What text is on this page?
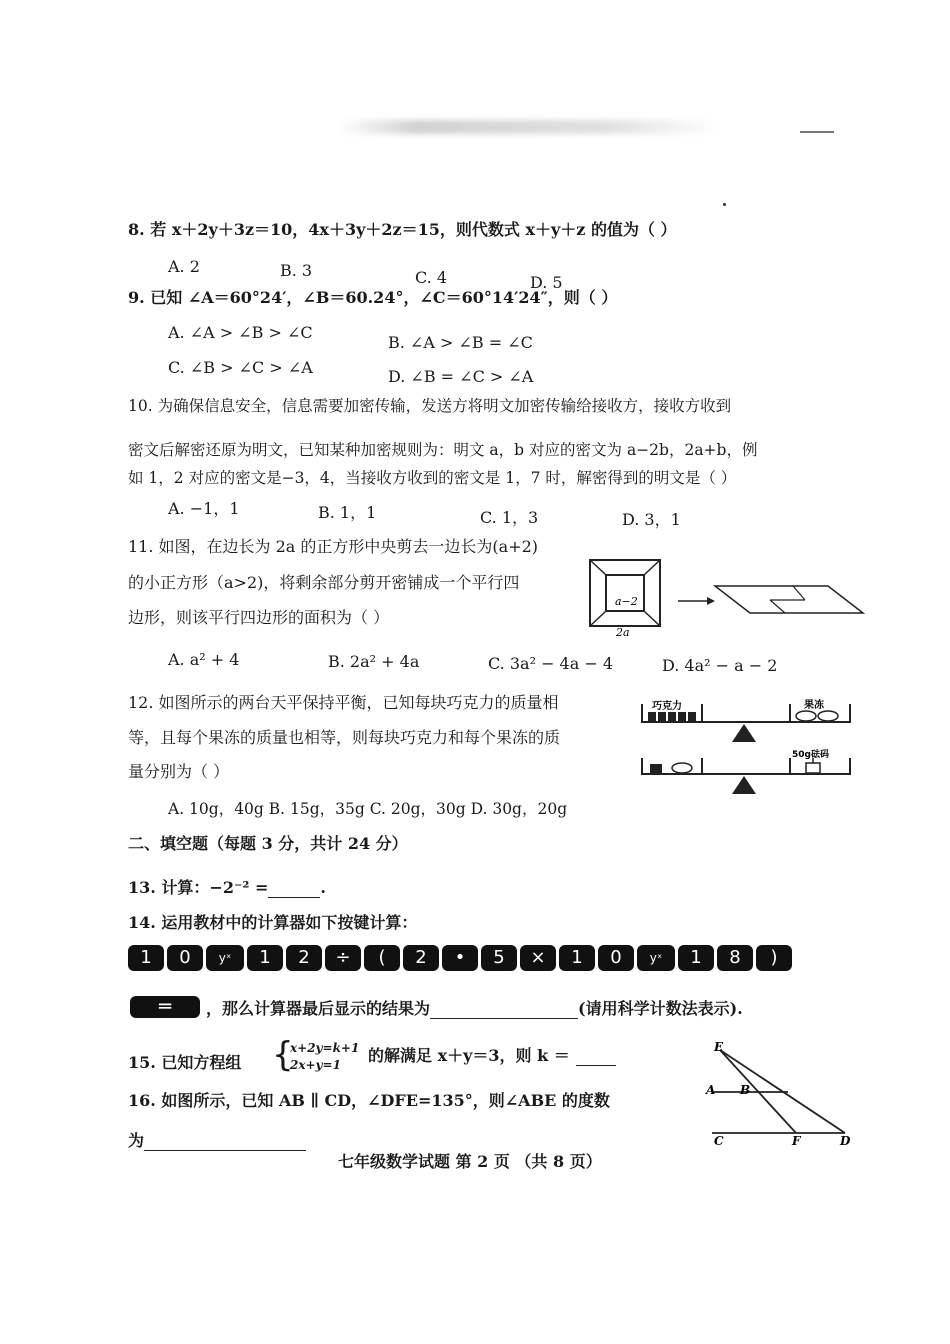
8. 若 x＋2y＋3z＝10，4x＋3y＋2z＝15，则代数式 x＋y＋z 的值为（ ）
A. 2	B. 3	C. 4	D. 5
9. 已知 ∠A＝60°24′，∠B＝60.24°，∠C＝60°14′24″，则（ ）
A. ∠A > ∠B > ∠C
B. ∠A > ∠B = ∠C
C. ∠B > ∠C > ∠A	D. ∠B = ∠C > ∠A
10. 为确保信息安全，信息需要加密传输，发送方将明文加密传输给接收方，接收方收到
密文后解密还原为明文，已知某种加密规则为：明文 a，b 对应的密文为 a−2b，2a+b，例
如 1，2 对应的密文是−3，4，当接收方收到的密文是 1，7 时，解密得到的明文是（ ）
A. −1，1	B. 1，1	C. 1，3	D. 3，1
11. 如图，在边长为 2a 的正方形中央剪去一边长为(a+2)
的小正方形（a>2)，将剩余部分剪开密铺成一个平行四
边形，则该平行四边形的面积为（ ）
a−2
2a
A. a² + 4	B. 2a² + 4a	C. 3a² − 4a − 4	D. 4a² − a − 2
12. 如图所示的两台天平保持平衡，已知每块巧克力的质量相
等，且每个果冻的质量也相等，则每块巧克力和每个果冻的质
量分别为（ ）
巧克力	果冻
50g砝码
A. 10g，40g B. 15g，35g C. 20g，30g D. 30g，20g
二、填空题（每题 3 分，共计 24 分）
13. 计算：−2⁻² =	.
14. 运用教材中的计算器如下按键计算：
1 0 yˣ 1 2 ÷ ( 2 • 5 × 1 0 yˣ 1 8 )
═	，那么计算器最后显示的结果为	(请用科学计数法表示).
15. 已知方程组 {
x+2y=k+1
2x+y=1 的解满足 x＋y＝3，则 k ＝
16. 如图所示，已知 AB ∥ CD，∠DFE=135°，则∠ABE 的度数
为
E
A B
C	F	D
七年级数学试题 第 2 页 （共 8 页）
